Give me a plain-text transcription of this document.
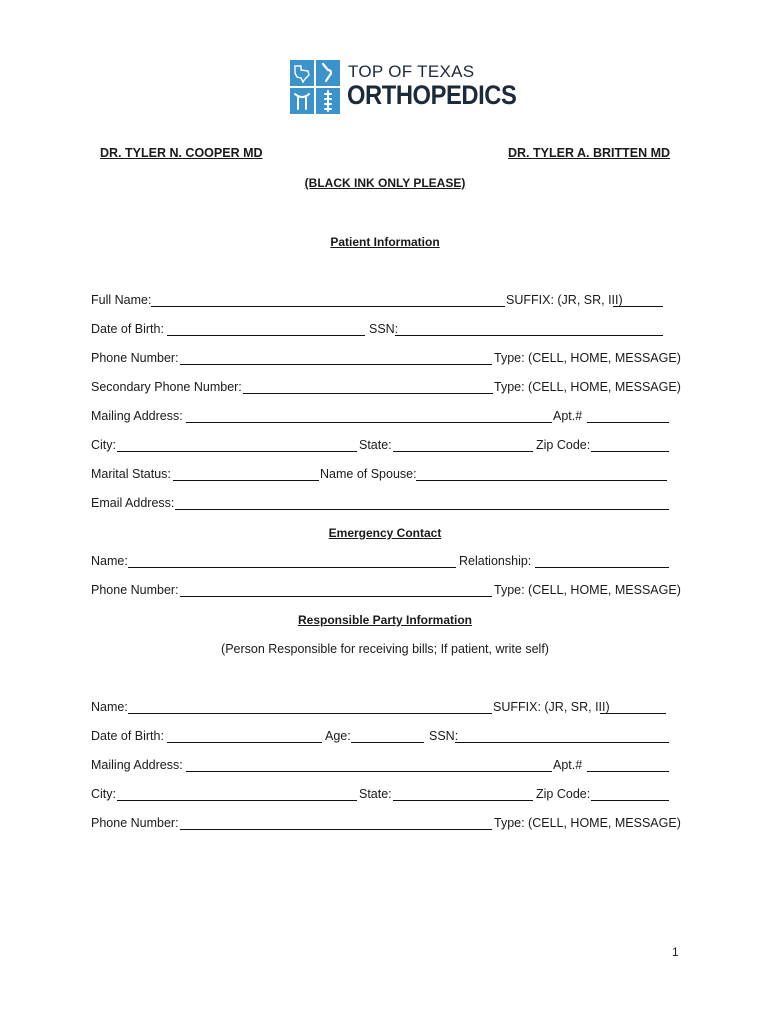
TOP OF TEXAS
ORTHOPEDICS
DR. TYLER N. COOPER MD	DR. TYLER A. BRITTEN MD
(BLACK INK ONLY PLEASE)
Patient Information
Full Name:	SUFFIX: (JR, SR, III)
Date of Birth:	SSN:
Phone Number:	Type: (CELL, HOME, MESSAGE)
Secondary Phone Number:	Type: (CELL, HOME, MESSAGE)
Mailing Address:	Apt.#
City:	State:	Zip Code:
Marital Status:	Name of Spouse:
Email Address:
Emergency Contact
Name:	Relationship:
Phone Number:	Type: (CELL, HOME, MESSAGE)
Responsible Party Information
(Person Responsible for receiving bills; If patient, write self)
Name:	SUFFIX: (JR, SR, III)
Date of Birth:	Age:	SSN:
Mailing Address:	Apt.#
City:	State:	Zip Code:
Phone Number:	Type: (CELL, HOME, MESSAGE)
1
